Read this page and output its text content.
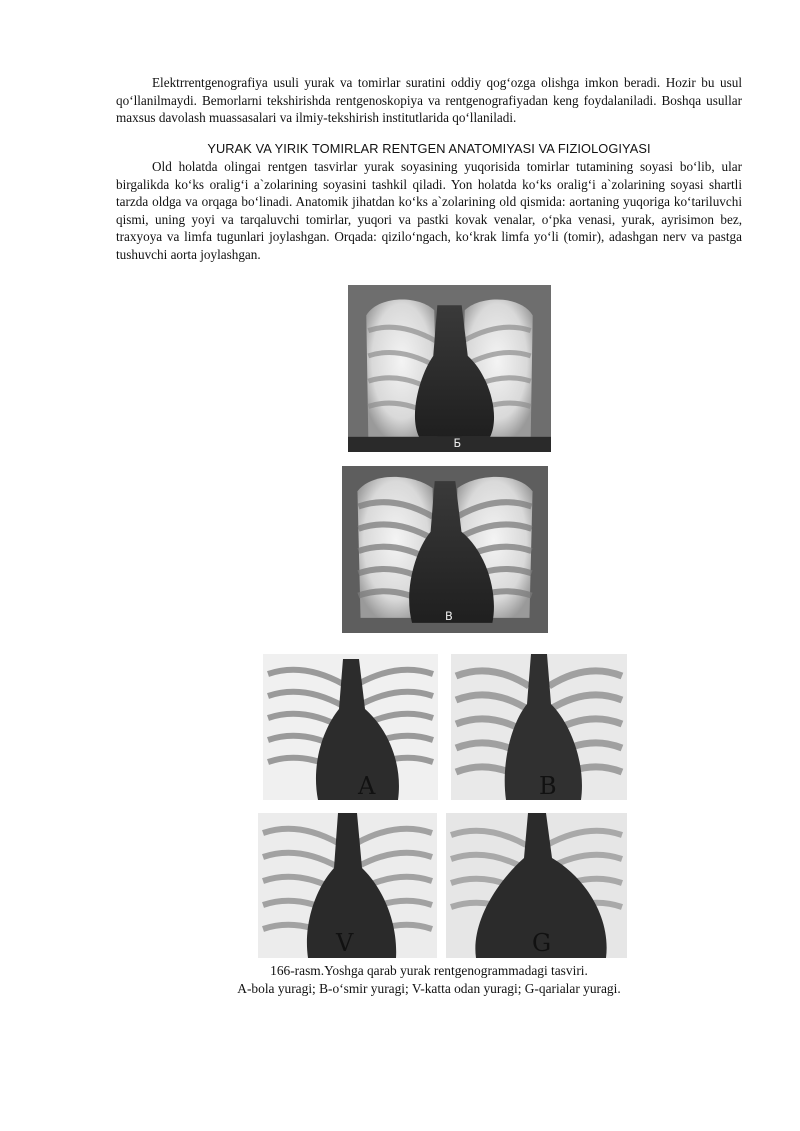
Elektrrentgenografiya usuli yurak va tomirlar suratini oddiy qog‘ozga olishga imkon beradi. Hozir bu usul qo‘llanilmaydi. Bemorlarni tekshirishda rentgenoskopiya va rentgenografiyadan keng foydalaniladi. Boshqa usullar maxsus davolash muassasalari va ilmiy-tekshirish institutlarida qo‘llaniladi.

YURAK VA YIRIK TOMIRLAR RENTGEN ANATOMIYASI VA FIZIOLOGIYASI

Old holatda olingai rentgen tasvirlar yurak soyasining yuqorisida tomirlar tutamining soyasi bo‘lib, ular birgalikda ko‘ks oralig‘i a`zolarining soyasini tashkil qiladi. Yon holatda ko‘ks oralig‘i a`zolarining soyasi shartli tarzda oldga va orqaga bo‘linadi. Anatomik jihatdan ko‘ks a`zolarining old qismida: aortaning yuqoriga ko‘tariluvchi qismi, uning yoyi va tarqaluvchi tomirlar, yuqori va pastki kovak venalar, o‘pka venasi, yurak, ayrisimon bez, traxyoya va limfa tugunlari joylashgan. Orqada: qizilo‘ngach, ko‘krak limfa yo‘li (tomir), adashgan nerv va pastga tushuvchi aorta joylashgan.

Б
В
A	B
V	G

166-rasm.Yoshga qarab yurak rentgenogrammadagi tasviri.

A-bola yuragi; B-o‘smir yuragi; V-katta odan yuragi; G-qarialar yuragi.
